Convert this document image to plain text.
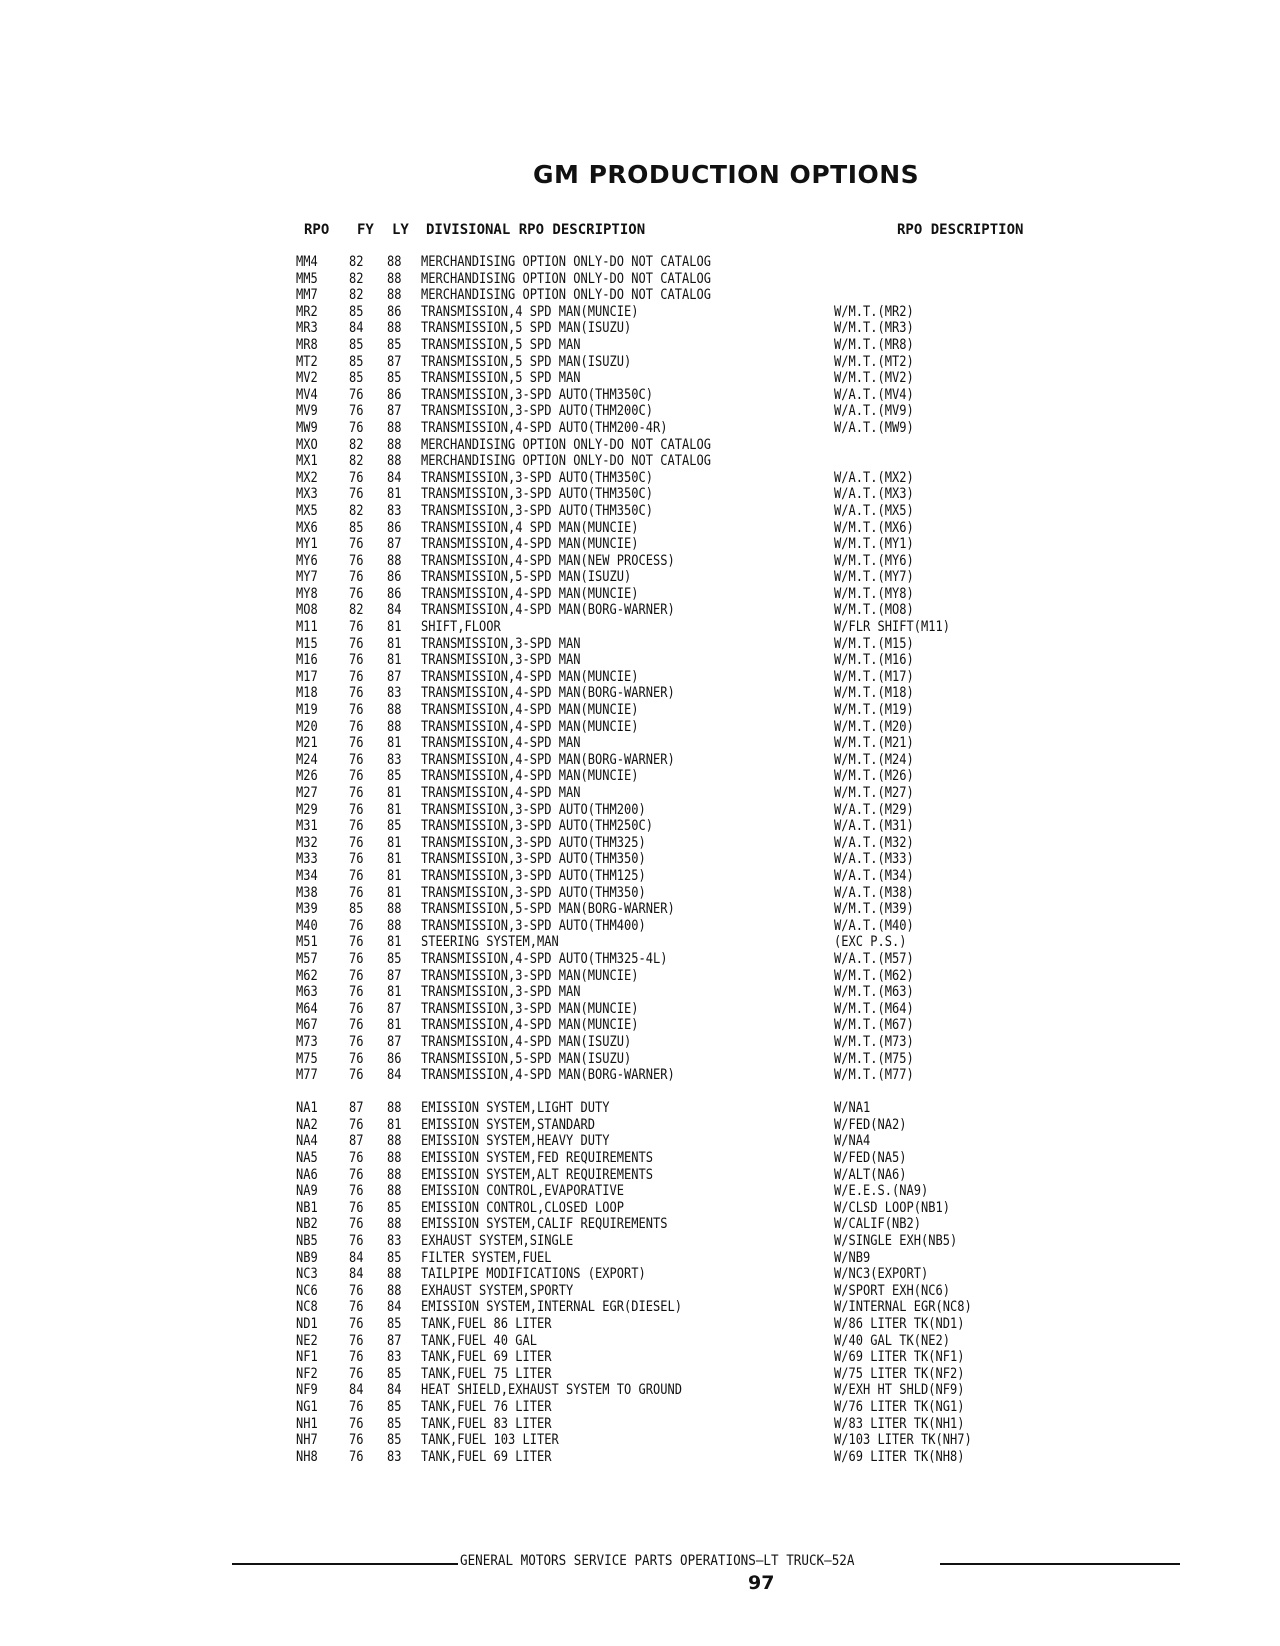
GM PRODUCTION OPTIONS
RPO FY LY DIVISIONAL RPO DESCRIPTION	RPO DESCRIPTION
MM4 82 88 MERCHANDISING OPTION ONLY-DO NOT CATALOG
MM5 82 88 MERCHANDISING OPTION ONLY-DO NOT CATALOG
MM7 82 88 MERCHANDISING OPTION ONLY-DO NOT CATALOG
MR2 85 86 TRANSMISSION,4 SPD MAN(MUNCIE)	W/M.T.(MR2)
MR3 84 88 TRANSMISSION,5 SPD MAN(ISUZU)	W/M.T.(MR3)
MR8 85 85 TRANSMISSION,5 SPD MAN	W/M.T.(MR8)
MT2 85 87 TRANSMISSION,5 SPD MAN(ISUZU)	W/M.T.(MT2)
MV2 85 85 TRANSMISSION,5 SPD MAN	W/M.T.(MV2)
MV4 76 86 TRANSMISSION,3-SPD AUTO(THM350C)	W/A.T.(MV4)
MV9 76 87 TRANSMISSION,3-SPD AUTO(THM200C)	W/A.T.(MV9)
MW9 76 88 TRANSMISSION,4-SPD AUTO(THM200-4R)	W/A.T.(MW9)
MXO 82 88 MERCHANDISING OPTION ONLY-DO NOT CATALOG
MX1 82 88 MERCHANDISING OPTION ONLY-DO NOT CATALOG
MX2 76 84 TRANSMISSION,3-SPD AUTO(THM350C)	W/A.T.(MX2)
MX3 76 81 TRANSMISSION,3-SPD AUTO(THM350C)	W/A.T.(MX3)
MX5 82 83 TRANSMISSION,3-SPD AUTO(THM350C)	W/A.T.(MX5)
MX6 85 86 TRANSMISSION,4 SPD MAN(MUNCIE)	W/M.T.(MX6)
MY1 76 87 TRANSMISSION,4-SPD MAN(MUNCIE)	W/M.T.(MY1)
MY6 76 88 TRANSMISSION,4-SPD MAN(NEW PROCESS)	W/M.T.(MY6)
MY7 76 86 TRANSMISSION,5-SPD MAN(ISUZU)	W/M.T.(MY7)
MY8 76 86 TRANSMISSION,4-SPD MAN(MUNCIE)	W/M.T.(MY8)
MO8 82 84 TRANSMISSION,4-SPD MAN(BORG-WARNER)	W/M.T.(MO8)
M11 76 81 SHIFT,FLOOR	W/FLR SHIFT(M11)
M15 76 81 TRANSMISSION,3-SPD MAN	W/M.T.(M15)
M16 76 81 TRANSMISSION,3-SPD MAN	W/M.T.(M16)
M17 76 87 TRANSMISSION,4-SPD MAN(MUNCIE)	W/M.T.(M17)
M18 76 83 TRANSMISSION,4-SPD MAN(BORG-WARNER)	W/M.T.(M18)
M19 76 88 TRANSMISSION,4-SPD MAN(MUNCIE)	W/M.T.(M19)
M20 76 88 TRANSMISSION,4-SPD MAN(MUNCIE)	W/M.T.(M20)
M21 76 81 TRANSMISSION,4-SPD MAN	W/M.T.(M21)
M24 76 83 TRANSMISSION,4-SPD MAN(BORG-WARNER)	W/M.T.(M24)
M26 76 85 TRANSMISSION,4-SPD MAN(MUNCIE)	W/M.T.(M26)
M27 76 81 TRANSMISSION,4-SPD MAN	W/M.T.(M27)
M29 76 81 TRANSMISSION,3-SPD AUTO(THM200)	W/A.T.(M29)
M31 76 85 TRANSMISSION,3-SPD AUTO(THM250C)	W/A.T.(M31)
M32 76 81 TRANSMISSION,3-SPD AUTO(THM325)	W/A.T.(M32)
M33 76 81 TRANSMISSION,3-SPD AUTO(THM350)	W/A.T.(M33)
M34 76 81 TRANSMISSION,3-SPD AUTO(THM125)	W/A.T.(M34)
M38 76 81 TRANSMISSION,3-SPD AUTO(THM350)	W/A.T.(M38)
M39 85 88 TRANSMISSION,5-SPD MAN(BORG-WARNER)	W/M.T.(M39)
M40 76 88 TRANSMISSION,3-SPD AUTO(THM400)	W/A.T.(M40)
M51 76 81 STEERING SYSTEM,MAN	(EXC P.S.)
M57 76 85 TRANSMISSION,4-SPD AUTO(THM325-4L)	W/A.T.(M57)
M62 76 87 TRANSMISSION,3-SPD MAN(MUNCIE)	W/M.T.(M62)
M63 76 81 TRANSMISSION,3-SPD MAN	W/M.T.(M63)
M64 76 87 TRANSMISSION,3-SPD MAN(MUNCIE)	W/M.T.(M64)
M67 76 81 TRANSMISSION,4-SPD MAN(MUNCIE)	W/M.T.(M67)
M73 76 87 TRANSMISSION,4-SPD MAN(ISUZU)	W/M.T.(M73)
M75 76 86 TRANSMISSION,5-SPD MAN(ISUZU)	W/M.T.(M75)
M77 76 84 TRANSMISSION,4-SPD MAN(BORG-WARNER)	W/M.T.(M77)
NA1 87 88 EMISSION SYSTEM,LIGHT DUTY	W/NA1
NA2 76 81 EMISSION SYSTEM,STANDARD	W/FED(NA2)
NA4 87 88 EMISSION SYSTEM,HEAVY DUTY	W/NA4
NA5 76 88 EMISSION SYSTEM,FED REQUIREMENTS	W/FED(NA5)
NA6 76 88 EMISSION SYSTEM,ALT REQUIREMENTS	W/ALT(NA6)
NA9 76 88 EMISSION CONTROL,EVAPORATIVE	W/E.E.S.(NA9)
NB1 76 85 EMISSION CONTROL,CLOSED LOOP	W/CLSD LOOP(NB1)
NB2 76 88 EMISSION SYSTEM,CALIF REQUIREMENTS	W/CALIF(NB2)
NB5 76 83 EXHAUST SYSTEM,SINGLE	W/SINGLE EXH(NB5)
NB9 84 85 FILTER SYSTEM,FUEL	W/NB9
NC3 84 88 TAILPIPE MODIFICATIONS (EXPORT)	W/NC3(EXPORT)
NC6 76 88 EXHAUST SYSTEM,SPORTY	W/SPORT EXH(NC6)
NC8 76 84 EMISSION SYSTEM,INTERNAL EGR(DIESEL)	W/INTERNAL EGR(NC8)
ND1 76 85 TANK,FUEL 86 LITER	W/86 LITER TK(ND1)
NE2 76 87 TANK,FUEL 40 GAL	W/40 GAL TK(NE2)
NF1 76 83 TANK,FUEL 69 LITER	W/69 LITER TK(NF1)
NF2 76 85 TANK,FUEL 75 LITER	W/75 LITER TK(NF2)
NF9 84 84 HEAT SHIELD,EXHAUST SYSTEM TO GROUND	W/EXH HT SHLD(NF9)
NG1 76 85 TANK,FUEL 76 LITER	W/76 LITER TK(NG1)
NH1 76 85 TANK,FUEL 83 LITER	W/83 LITER TK(NH1)
NH7 76 85 TANK,FUEL 103 LITER	W/103 LITER TK(NH7)
NH8 76 83 TANK,FUEL 69 LITER	W/69 LITER TK(NH8)
GENERAL MOTORS SERVICE PARTS OPERATIONS—LT TRUCK—52A
97
